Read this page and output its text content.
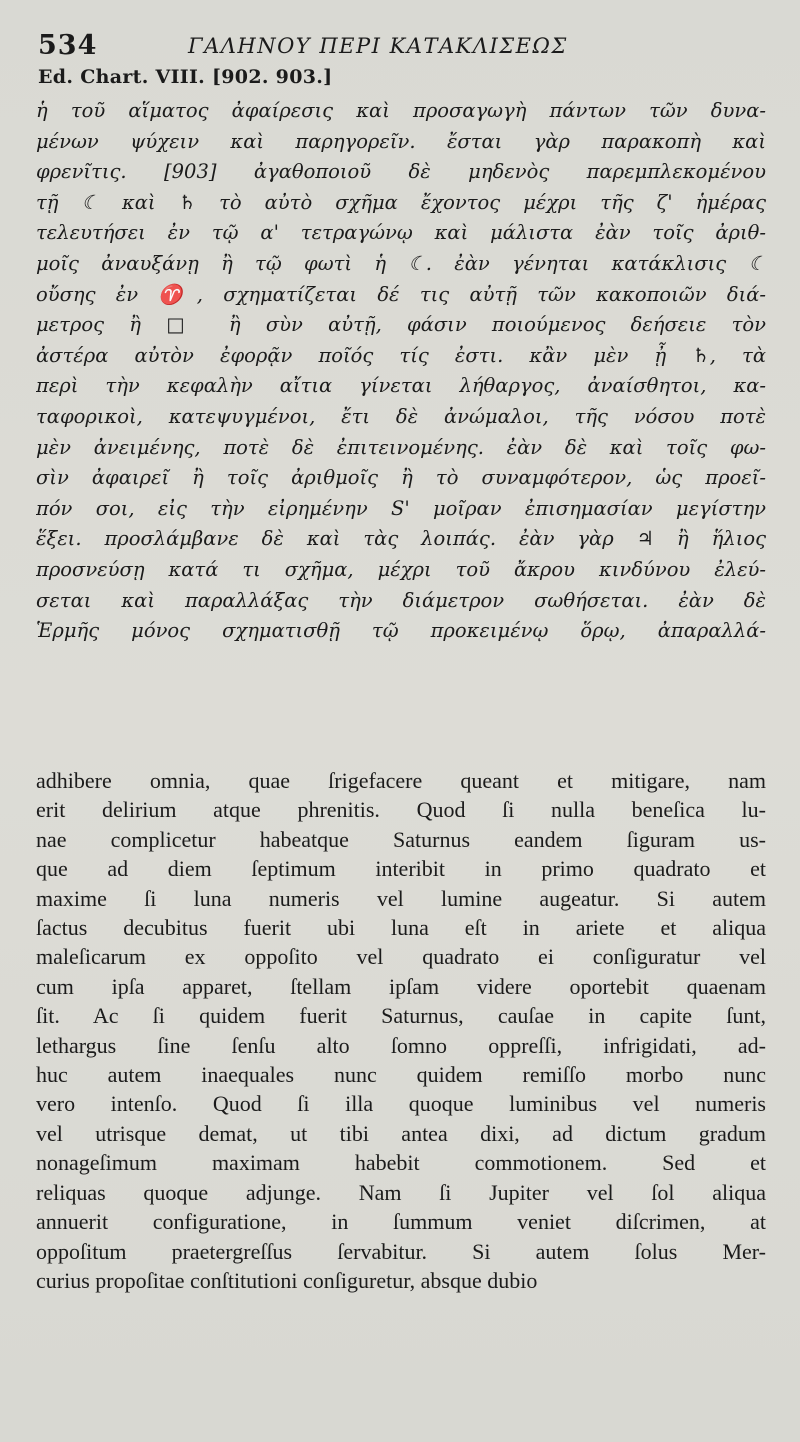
534	ΓΑΛΗΝΟΥ ΠΕΡΙ ΚΑΤΑΚΛΙΣΕΩΣ
Ed. Chart. VIII. [902. 903.]
ἡ τοῦ αἵματος ἀφαίρεσις καὶ προσαγωγὴ πάντων τῶν δυνα-
μένων ψύχειν καὶ παρηγορεῖν. ἔσται γὰρ παρακοπὴ καὶ
φρενῖτις. [903] ἀγαθοποιοῦ δὲ μηδενὸς παρεμπλεκομένου
τῇ ☾ καὶ ♄ τὸ αὐτὸ σχῆμα ἔχοντος μέχρι τῆς ζ' ἡμέρας
τελευτήσει ἐν τῷ α' τετραγώνῳ καὶ μάλιστα ἐὰν τοῖς ἀριθ-
μοῖς ἀναυξάνῃ ἢ τῷ φωτὶ ἡ ☾. ἐὰν γένηται κατάκλισις ☾
οὔσης ἐν ♈, σχηματίζεται δέ τις αὐτῇ τῶν κακοποιῶν διά-
μετρος ἢ □ ἢ σὺν αὐτῇ, φάσιν ποιούμενος δεήσειε τὸν
ἀστέρα αὐτὸν ἐφορᾷν ποῖός τίς ἐστι. κἂν μὲν ᾖ ♄, τὰ
περὶ τὴν κεφαλὴν αἴτια γίνεται λήθαργος, ἀναίσθητοι, κα-
ταφορικοὶ, κατεψυγμένοι, ἔτι δὲ ἀνώμαλοι, τῆς νόσου ποτὲ
μὲν ἀνειμένης, ποτὲ δὲ ἐπιτεινομένης. ἐὰν δὲ καὶ τοῖς φω-
σὶν ἀφαιρεῖ ἢ τοῖς ἀριθμοῖς ἢ τὸ συναμφότερον, ὡς προεῖ-
πόν σοι, εἰς τὴν εἰρημένην S' μοῖραν ἐπισημασίαν μεγίστην
ἕξει. προσλάμβανε δὲ καὶ τὰς λοιπάς. ἐὰν γὰρ ♃ ἢ ἥλιος
προσνεύσῃ κατά τι σχῆμα, μέχρι τοῦ ἄκρου κινδύνου ἐλεύ-
σεται καὶ παραλλάξας τὴν διάμετρον σωθήσεται. ἐὰν δὲ
Ἑρμῆς μόνος σχηματισθῇ τῷ προκειμένῳ ὅρῳ, ἀπαραλλά-
adhibere omnia, quae ſrigefacere queant et mitigare, nam
erit delirium atque phrenitis. Quod ſi nulla beneſica lu-
nae complicetur habeatque Saturnus eandem ſiguram us-
que ad diem ſeptimum interibit in primo quadrato et
maxime ſi luna numeris vel lumine augeatur. Si autem
ſactus decubitus fuerit ubi luna eſt in ariete et aliqua
maleſicarum ex oppoſito vel quadrato ei conſiguratur vel
cum ipſa apparet, ſtellam ipſam videre oportebit quaenam
ſit. Ac ſi quidem fuerit Saturnus, cauſae in capite ſunt,
lethargus ſine ſenſu alto ſomno oppreſſi, infrigidati, ad-
huc autem inaequales nunc quidem remiſſo morbo nunc
vero intenſo. Quod ſi illa quoque luminibus vel numeris
vel utrisque demat, ut tibi antea dixi, ad dictum gradum
nonageſimum maximam habebit commotionem. Sed et
reliquas quoque adjunge. Nam ſi Jupiter vel ſol aliqua
annuerit configuratione, in ſummum veniet diſcrimen, at
oppoſitum praetergreſſus ſervabitur. Si autem ſolus Mer-
curius propoſitae conſtitutioni conſiguretur, absque dubio
